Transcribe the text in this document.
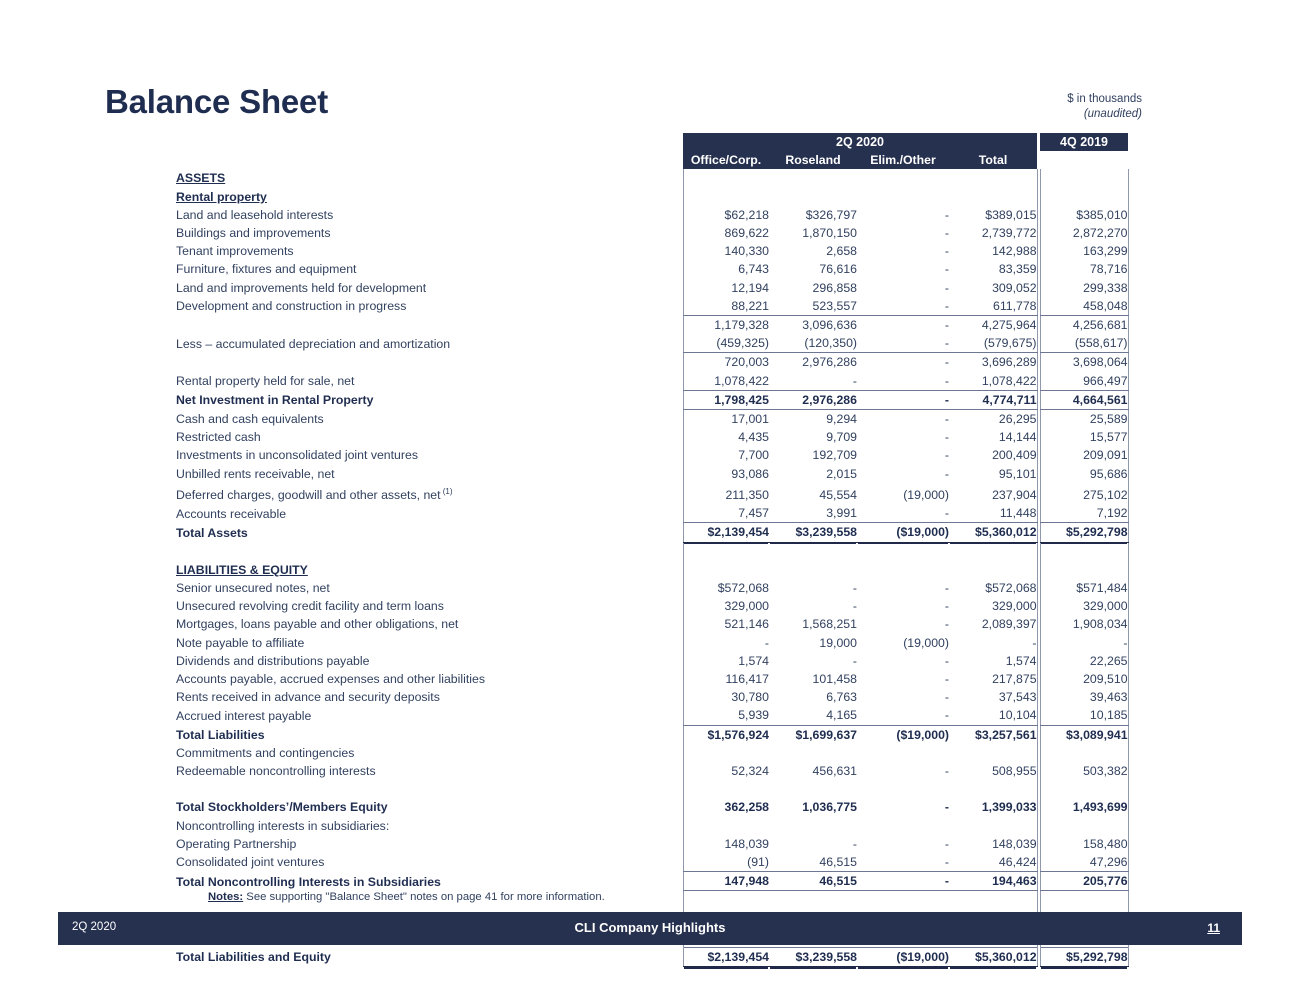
Balance Sheet	$ in thousands
(unaudited)
	2Q 2020					4Q 2019
	Office/Corp.	Roseland	Elim./Other	Total		
ASSETS						
Rental property						
Land and leasehold interests	$62,218	$326,797	-	$389,015		$385,010
Buildings and improvements	869,622	1,870,150	-	2,739,772		2,872,270
Tenant improvements	140,330	2,658	-	142,988		163,299
Furniture, fixtures and equipment	6,743	76,616	-	83,359		78,716
Land and improvements held for development	12,194	296,858	-	309,052		299,338
Development and construction in progress	88,221	523,557	-	611,778		458,048
	1,179,328	3,096,636	-	4,275,964		4,256,681
Less – accumulated depreciation and amortization	(459,325)	(120,350)	-	(579,675)		(558,617)
	720,003	2,976,286	-	3,696,289		3,698,064
Rental property held for sale, net	1,078,422	-	-	1,078,422		966,497
Net Investment in Rental Property	1,798,425	2,976,286	-	4,774,711		4,664,561
Cash and cash equivalents	17,001	9,294	-	26,295		25,589
Restricted cash	4,435	9,709	-	14,144		15,577
Investments in unconsolidated joint ventures	7,700	192,709	-	200,409		209,091
Unbilled rents receivable, net	93,086	2,015	-	95,101		95,686
Deferred charges, goodwill and other assets, net $^{(1)}$	211,350	45,554	(19,000)	237,904		275,102
Accounts receivable	7,457	3,991	-	11,448		7,192
Total Assets	$2,139,454	$3,239,558	($19,000)	$5,360,012		$5,292,798

LIABILITIES & EQUITY						
Senior unsecured notes, net	$572,068	-	-	$572,068		$571,484
Unsecured revolving credit facility and term loans	329,000	-	-	329,000		329,000
Mortgages, loans payable and other obligations, net	521,146	1,568,251	-	2,089,397		1,908,034
Note payable to affiliate	-	19,000	(19,000)	-		-
Dividends and distributions payable	1,574	-	-	1,574		22,265
Accounts payable, accrued expenses and other liabilities	116,417	101,458	-	217,875		209,510
Rents received in advance and security deposits	30,780	6,763	-	37,543		39,463
Accrued interest payable	5,939	4,165	-	10,104		10,185
Total Liabilities	$1,576,924	$1,699,637	($19,000)	$3,257,561		$3,089,941
Commitments and contingencies						
Redeemable noncontrolling interests	52,324	456,631	-	508,955		503,382

Total Stockholders’/Members Equity	362,258	1,036,775	-	1,399,033		1,493,699
Noncontrolling interests in subsidiaries:						
Operating Partnership	148,039	-	-	148,039		158,480
Consolidated joint ventures	(91)	46,515	-	46,424		47,296
Total Noncontrolling Interests in Subsidiaries	147,948	46,515	-	194,463		205,776

Total Liabilities and Equity	$2,139,454	$3,239,558	($19,000)	$5,360,012		$5,292,798
Notes: See supporting "Balance Sheet" notes on page 41 for more information.
2Q 2020	CLI Company Highlights	11
